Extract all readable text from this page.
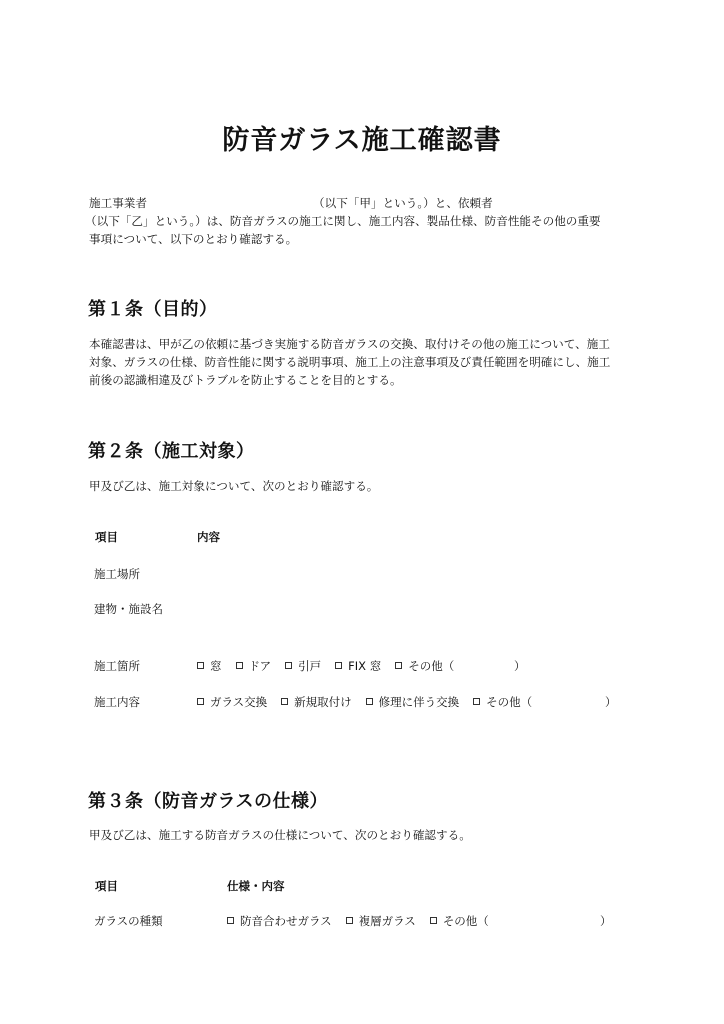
防音ガラス施工確認書
施工事業者	（以下「甲」という。）と、依頼者
（以下「乙」という。）は、防音ガラスの施工に関し、施工内容、製品仕様、防音性能その他の重要
事項について、以下のとおり確認する。
第１条（目的）
本確認書は、甲が乙の依頼に基づき実施する防音ガラスの交換、取付けその他の施工について、施工
対象、ガラスの仕様、防音性能に関する説明事項、施工上の注意事項及び責任範囲を明確にし、施工
前後の認識相違及びトラブルを防止することを目的とする。
第２条（施工対象）
甲及び乙は、施工対象について、次のとおり確認する。
項目	内容
施工場所
建物・施設名
施工箇所	窓 ドア 引戸 FIX 窓 その他（	）
施工内容	ガラス交換 新規取付け 修理に伴う交換 その他（	）
第３条（防音ガラスの仕様）
甲及び乙は、施工する防音ガラスの仕様について、次のとおり確認する。
項目	仕様・内容
ガラスの種類	防音合わせガラス 複層ガラス その他（	）
